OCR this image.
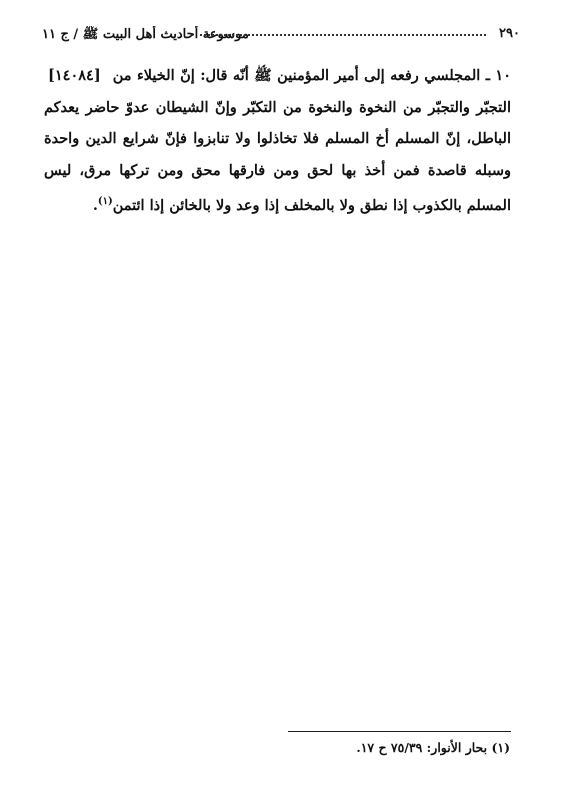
موسوعة أحاديث أهل البيت ﷺ / ج ١١	٢٩٠
[١٤٠٨٤] ١٠ ـ المجلسي رفعه إلى أمير المؤمنين ﷺ أنّه قال: إنّ الخيلاء من التجبّر والتجبّر من النخوة والنخوة من التكبّر وإنّ الشيطان عدوّ حاضر يعدكم الباطل، إنّ المسلم أخ المسلم فلا تخاذلوا ولا تنابزوا فإنّ شرايع الدين واحدة وسبله قاصدة فمن أخذ بها لحق ومن فارقها محق ومن تركها مرق، ليس المسلم بالكذوب إذا نطق ولا بالمخلف إذا وعد ولا بالخائن إذا ائتمن$^{(١)}$.
(١) بحار الأنوار: ٧٥/٣٩ ح ١٧.
